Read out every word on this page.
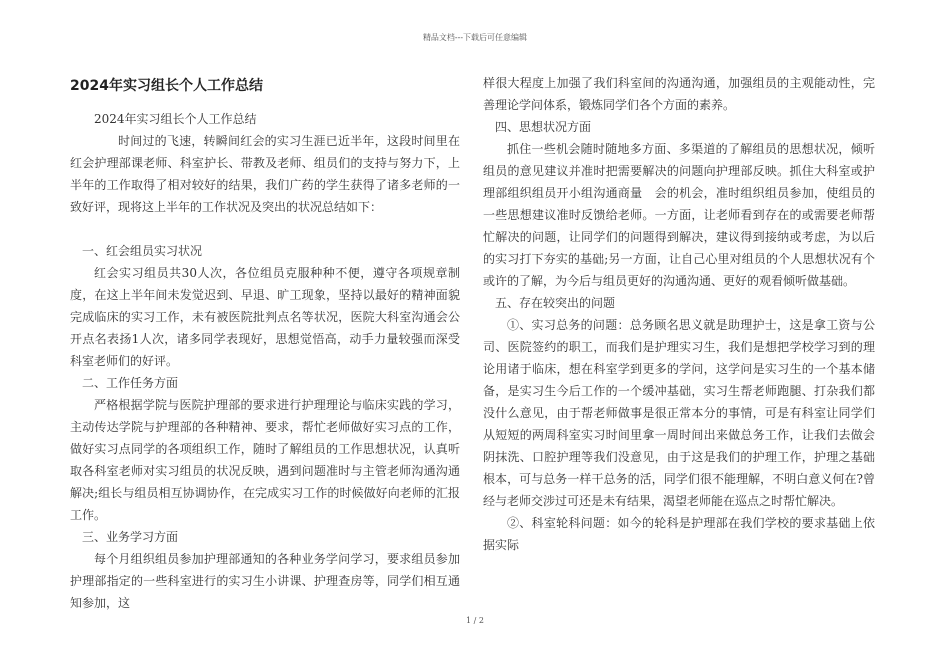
精品文档---下载后可任意编辑
2024年实习组长个人工作总结

2024年实习组长个人工作总结

时间过的飞速，转瞬间红会的实习生涯已近半年，这段时间里在红会护理部课老师、科室护长、带教及老师、组员们的支持与努力下，上半年的工作取得了相对较好的结果，我们广药的学生获得了诸多老师的一致好评，现将这上半年的工作状况及突出的状况总结如下：

一、红会组员实习状况

红会实习组员共30人次，各位组员克服种种不便，遵守各项规章制度，在这上半年间未发觉迟到、早退、旷工现象，坚持以最好的精神面貌完成临床的实习工作，未有被医院批判点名等状况，医院大科室沟通会公开点名表扬1人次，诸多同学表现好，思想觉悟高，动手力量较强而深受科室老师们的好评。

二、工作任务方面

严格根据学院与医院护理部的要求进行护理理论与临床实践的学习，主动传达学院与护理部的各种精神、要求，帮忙老师做好实习点的工作，做好实习点同学的各项组织工作，随时了解组员的工作思想状况，认真听取各科室老师对实习组员的状况反映，遇到问题准时与主管老师沟通沟通解决;组长与组员相互协调协作，在完成实习工作的时候做好向老师的汇报工作。

三、业务学习方面

每个月组织组员参加护理部通知的各种业务学问学习，要求组员参加护理部指定的一些科室进行的实习生小讲课、护理查房等，同学们相互通知参加，这

样很大程度上加强了我们科室间的沟通沟通，加强组员的主观能动性，完善理论学问体系，锻炼同学们各个方面的素养。

四、思想状况方面

抓住一些机会随时随地多方面、多渠道的了解组员的思想状况，倾听组员的意见建议并准时把需要解决的问题向护理部反映。抓住大科室或护理部组织组员开小组沟通商量　会的机会，准时组织组员参加，使组员的一些思想建议准时反馈给老师。一方面，让老师看到存在的或需要老师帮忙解决的问题，让同学们的问题得到解决，建议得到接纳或考虑，为以后的实习打下夯实的基础;另一方面，让自己心里对组员的个人思想状况有个或许的了解，为今后与组员更好的沟通沟通、更好的观看倾听做基础。

五、存在较突出的问题

①、实习总务的问题：总务顾名思义就是助理护士，这是拿工资与公司、医院签约的职工，而我们是护理实习生，我们是想把学校学习到的理论用诸于临床，想在科室学到更多的学问，这学问是实习生的一个基本储备，是实习生今后工作的一个缓冲基础，实习生帮老师跑腿、打杂我们都没什么意见，由于帮老师做事是很正常本分的事情，可是有科室让同学们从短短的两周科室实习时间里拿一周时间出来做总务工作，让我们去做会阴抹洗、口腔护理等我们没意见，由于这是我们的护理工作，护理之基础根本，可与总务一样干总务的活，同学们很不能理解，不明白意义何在?曾经与老师交涉过可还是未有结果，渴望老师能在巡点之时帮忙解决。

②、科室轮科问题：如今的轮科是护理部在我们学校的要求基础上依据实际

1 / 2
